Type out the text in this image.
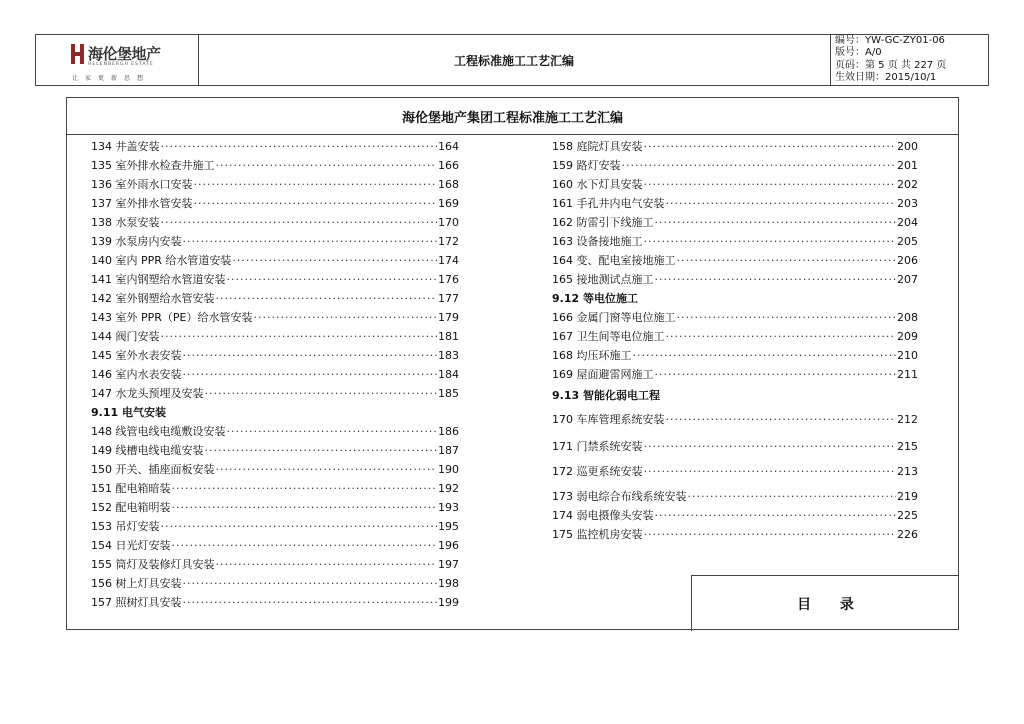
海伦堡地产
HELENBERGH ESTATE
让家更新思想
工程标准施工工艺汇编
编号：YW-GC-ZY01-06
版号：A/0
页码：第 5 页 共 227 页
生效日期：2015/10/1
海伦堡地产集团工程标准施工工艺汇编
134 井盖安装 ·····	164
135 室外排水检查井施工 ·····	166
136 室外雨水口安装 ·····	168
137 室外排水管安装 ·····	169
138 水泵安装 ·····	170
139 水泵房内安装 ·····	172
140 室内 PPR 给水管道安装 ·····	174
141 室内钢塑给水管道安装 ·····	176
142 室外钢塑给水管安装 ·····	177
143 室外 PPR（PE）给水管安装 ·····	179
144 阀门安装 ·····	181
145 室外水表安装 ·····	183
146 室内水表安装 ·····	184
147 水龙头预埋及安装 ·····	185
9.11 电气安装
148 线管电线电缆敷设安装 ·····	186
149 线槽电线电缆安装 ·····	187
150 开关、插座面板安装 ·····	190
151 配电箱暗装 ·····	192
152 配电箱明装 ·····	193
153 吊灯安装 ·····	195
154 日光灯安装 ·····	196
155 筒灯及装修灯具安装 ·····	197
156 树上灯具安装 ·····	198
157 照树灯具安装 ·····	199
158 庭院灯具安装 ·····	200
159 路灯安装 ·····	201
160 水下灯具安装 ·····	202
161 手孔井内电气安装 ·····	203
162 防雷引下线施工 ·····	204
163 设备接地施工 ·····	205
164 变、配电室接地施工 ·····	206
165 接地测试点施工 ·····	207
9.12 等电位施工
166 金属门窗等电位施工 ·····	208
167 卫生间等电位施工 ·····	209
168 均压环施工 ·····	210
169 屋面避雷网施工 ·····	211
9.13 智能化弱电工程
170 车库管理系统安装 ·····	212
171 门禁系统安装 ·····	215
172 巡更系统安装 ·····	213
173 弱电综合布线系统安装 ·····	219
174 弱电摄像头安装 ·····	225
175 监控机房安装 ·····	226
目 录
